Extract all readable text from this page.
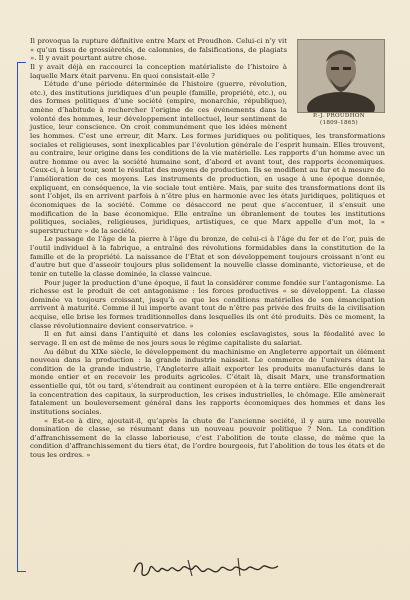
P.-J. PROUDHON
(1809-1865)

Il provoqua la rupture définitive entre Marx et Proudhon. Celui-ci n’y vit « qu’un tissu de grossièretés, de calomnies, de falsifications, de plagiats ». Il y avait pourtant autre chose.

Il y avait déjà en raccourci la conception matérialiste de l’histoire à laquelle Marx était parvenu. En quoi consistait-elle ?

L’étude d’une période déterminée de l’histoire (guerre, révolution, etc.), des institutions juridiques d’un peuple (famille, propriété, etc.), ou des formes politiques d’une société (empire, monarchie, république), amène d’habitude à rechercher l’origine de ces événements dans la volonté des hommes, leur développement intellectuel, leur sentiment de justice, leur conscience. On croit communément que les idées mènent les hommes. C’est une erreur, dit Marx. Les formes juridiques ou politiques, les transformations sociales et religieuses, sont inexplicables par l’évolution générale de l’esprit humain. Elles trouvent, au contraire, leur origine dans les conditions de la vie matérielle. Les rapports d’un homme avec un autre homme ou avec la société humaine sont, d’abord et avant tout, des rapports économiques. Ceux-ci, à leur tour, sont le résultat des moyens de production. Ils se modifient au fur et à mesure de l’amélioration de ces moyens. Les instruments de production, en usage à une époque donnée, expliquent, en conséquence, la vie sociale tout entière. Mais, par suite des transformations dont ils sont l’objet, ils en arrivent parfois à n’être plus en harmonie avec les états juridiques, politiques et économiques de la société. Comme ce désaccord ne peut que s’accentuer, il s’ensuit une modification de la base économique. Elle entraîne un ébranlement de toutes les institutions politiques, sociales, religieuses, juridiques, artistiques, ce que Marx appelle d’un mot, la « superstructure » de la société.

Le passage de l’âge de la pierre à l’âge du bronze, de celui-ci à l’âge du fer et de l’or, puis de l’outil individuel à la fabrique, a entraîné des révolutions formidables dans la constitution de la famille et de la propriété. La naissance de l’État et son développement toujours croissant n’ont eu d’autre but que d’asseoir toujours plus solidement la nouvelle classe dominante, victorieuse, et de tenir en tutelle la classe dominée, la classe vaincue.

Pour juger la production d’une époque, il faut la considérer comme fondée sur l’antagonisme. La richesse est le produit de cet antagonisme : les forces productives « se développent. La classe dominée va toujours croissant, jusqu’à ce que les conditions matérielles de son émancipation arrivent à maturité. Comme il lui importe avant tout de n’être pas privée des fruits de la civilisation acquise, elle brise les formes traditionnelles dans lesquelles ils ont été produits. Dès ce moment, la classe révolutionnaire devient conservatrice. »

Il en fut ainsi dans l’antiquité et dans les colonies esclavagistes, sous la féodalité avec le servage. Il en est de même de nos jours sous le régime capitaliste du salariat.

Au début du XIXe siècle, le développement du machinisme en Angleterre apportait un élément nouveau dans la production : la grande industrie naissait. Le commerce de l’univers étant la condition de la grande industrie, l’Angleterre allait exporter les produits manufacturés dans le monde entier et en recevoir les produits agricoles. C’était là, disait Marx, une transformation essentielle qui, tôt ou tard, s’étendrait au continent européen et à la terre entière. Elle engendrerait la concentration des capitaux, la surproduction, les crises industrielles, le chômage. Elle amènerait fatalement un bouleversement général dans les rapports économiques des hommes et dans les institutions sociales.

« Est-ce à dire, ajoutait-il, qu’après la chute de l’ancienne société, il y aura une nouvelle domination de classe, se résumant dans un nouveau pouvoir politique ? Non. La condition d’affranchissement de la classe laborieuse, c’est l’abolition de toute classe, de même que la condition d’affranchissement du tiers état, de l’ordre bourgeois, fut l’abolition de tous les états et de tous les ordres. »
